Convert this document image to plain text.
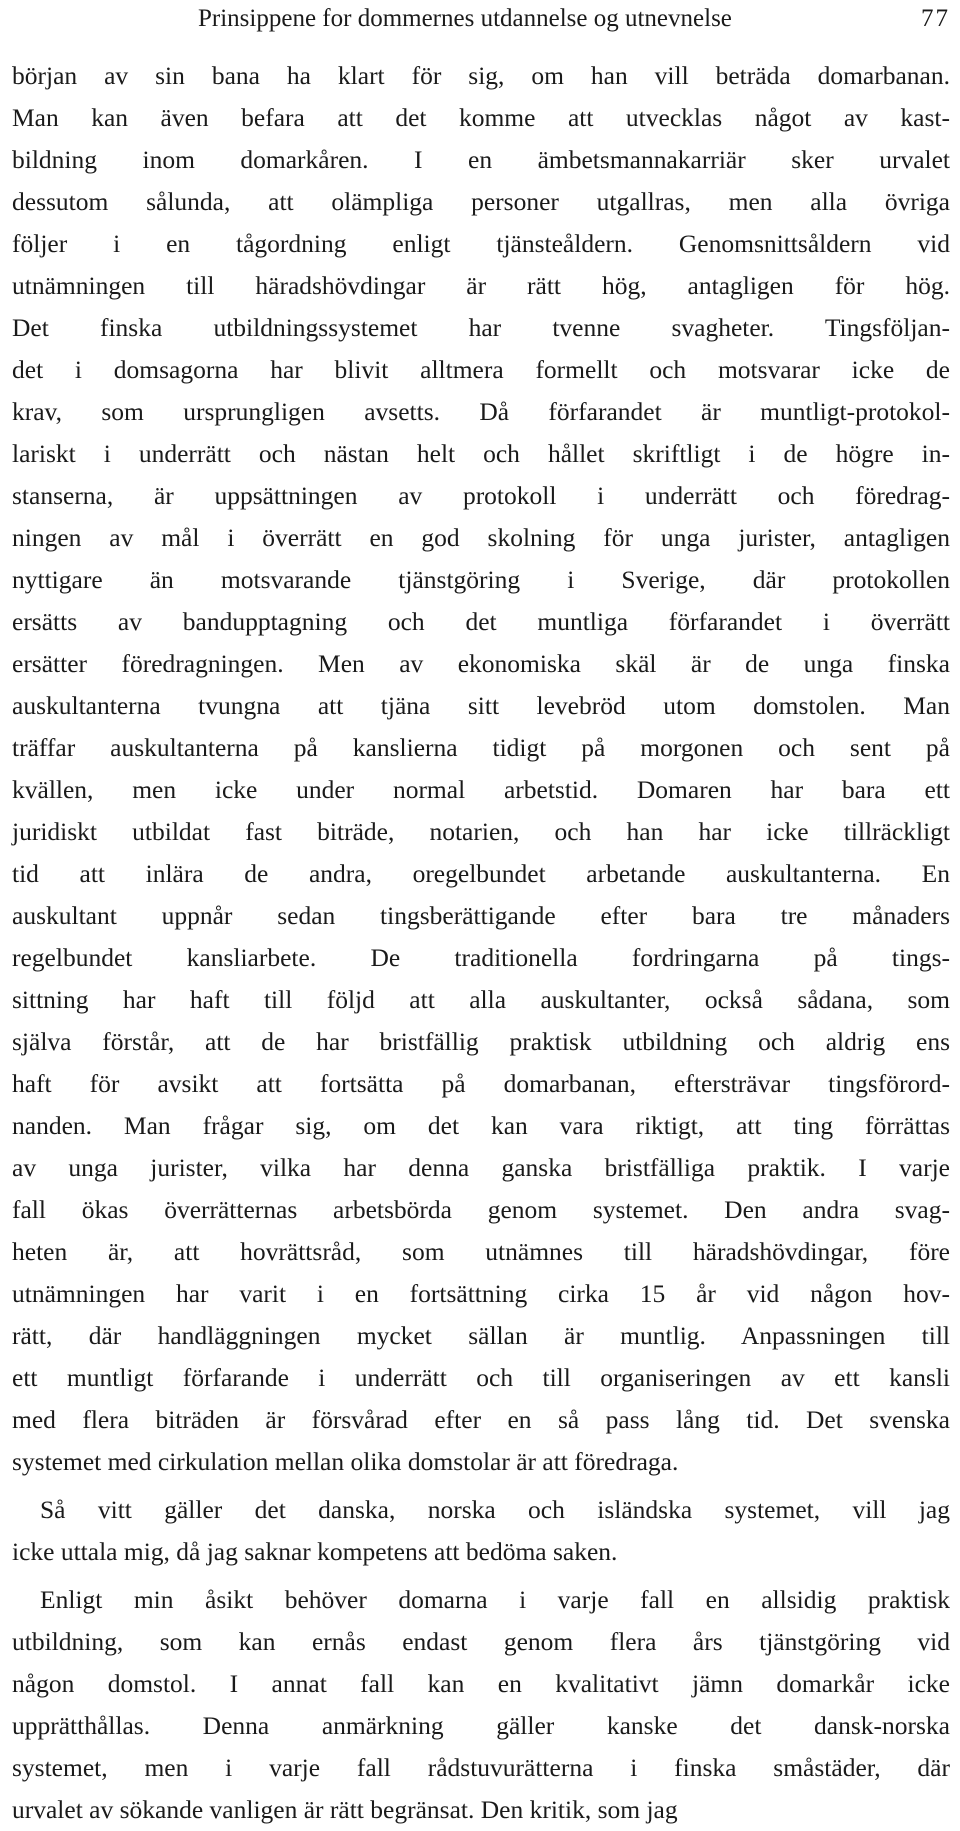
Prinsippene for dommernes utdannelse og utnevnelse	77
början av sin bana ha klart för sig, om han vill beträda domarbanan.
Man kan även befara att det komme att utvecklas något av kast-
bildning inom domarkåren. I en ämbetsmannakarriär sker urvalet
dessutom sålunda, att olämpliga personer utgallras, men alla övriga
följer i en tågordning enligt tjänsteåldern. Genomsnittsåldern vid
utnämningen till häradshövdingar är rätt hög, antagligen för hög.
Det finska utbildningssystemet har tvenne svagheter. Tingsföljan-
det i domsagorna har blivit alltmera formellt och motsvarar icke de
krav, som ursprungligen avsetts. Då förfarandet är muntligt-protokol-
lariskt i underrätt och nästan helt och hållet skriftligt i de högre in-
stanserna, är uppsättningen av protokoll i underrätt och föredrag-
ningen av mål i överrätt en god skolning för unga jurister, antagligen
nyttigare än motsvarande tjänstgöring i Sverige, där protokollen
ersätts av bandupptagning och det muntliga förfarandet i överrätt
ersätter föredragningen. Men av ekonomiska skäl är de unga finska
auskultanterna tvungna att tjäna sitt levebröd utom domstolen. Man
träffar auskultanterna på kanslierna tidigt på morgonen och sent på
kvällen, men icke under normal arbetstid. Domaren har bara ett
juridiskt utbildat fast biträde, notarien, och han har icke tillräckligt
tid att inlära de andra, oregelbundet arbetande auskultanterna. En
auskultant uppnår sedan tingsberättigande efter bara tre månaders
regelbundet kansliarbete. De traditionella fordringarna på tings-
sittning har haft till följd att alla auskultanter, också sådana, som
själva förstår, att de har bristfällig praktisk utbildning och aldrig ens
haft för avsikt att fortsätta på domarbanan, eftersträvar tingsförord-
nanden. Man frågar sig, om det kan vara riktigt, att ting förrättas
av unga jurister, vilka har denna ganska bristfälliga praktik. I varje
fall ökas överrätternas arbetsbörda genom systemet. Den andra svag-
heten är, att hovrättsråd, som utnämnes till häradshövdingar, före
utnämningen har varit i en fortsättning cirka 15 år vid någon hov-
rätt, där handläggningen mycket sällan är muntlig. Anpassningen till
ett muntligt förfarande i underrätt och till organiseringen av ett kansli
med flera biträden är försvårad efter en så pass lång tid. Det svenska
systemet med cirkulation mellan olika domstolar är att föredraga.
Så vitt gäller det danska, norska och isländska systemet, vill jag
icke uttala mig, då jag saknar kompetens att bedöma saken.
Enligt min åsikt behöver domarna i varje fall en allsidig praktisk
utbildning, som kan ernås endast genom flera års tjänstgöring vid
någon domstol. I annat fall kan en kvalitativt jämn domarkår icke
upprätthållas. Denna anmärkning gäller kanske det dansk-norska
systemet, men i varje fall rådstuvurätterna i finska småstäder, där
urvalet av sökande vanligen är rätt begränsat. Den kritik, som jag
